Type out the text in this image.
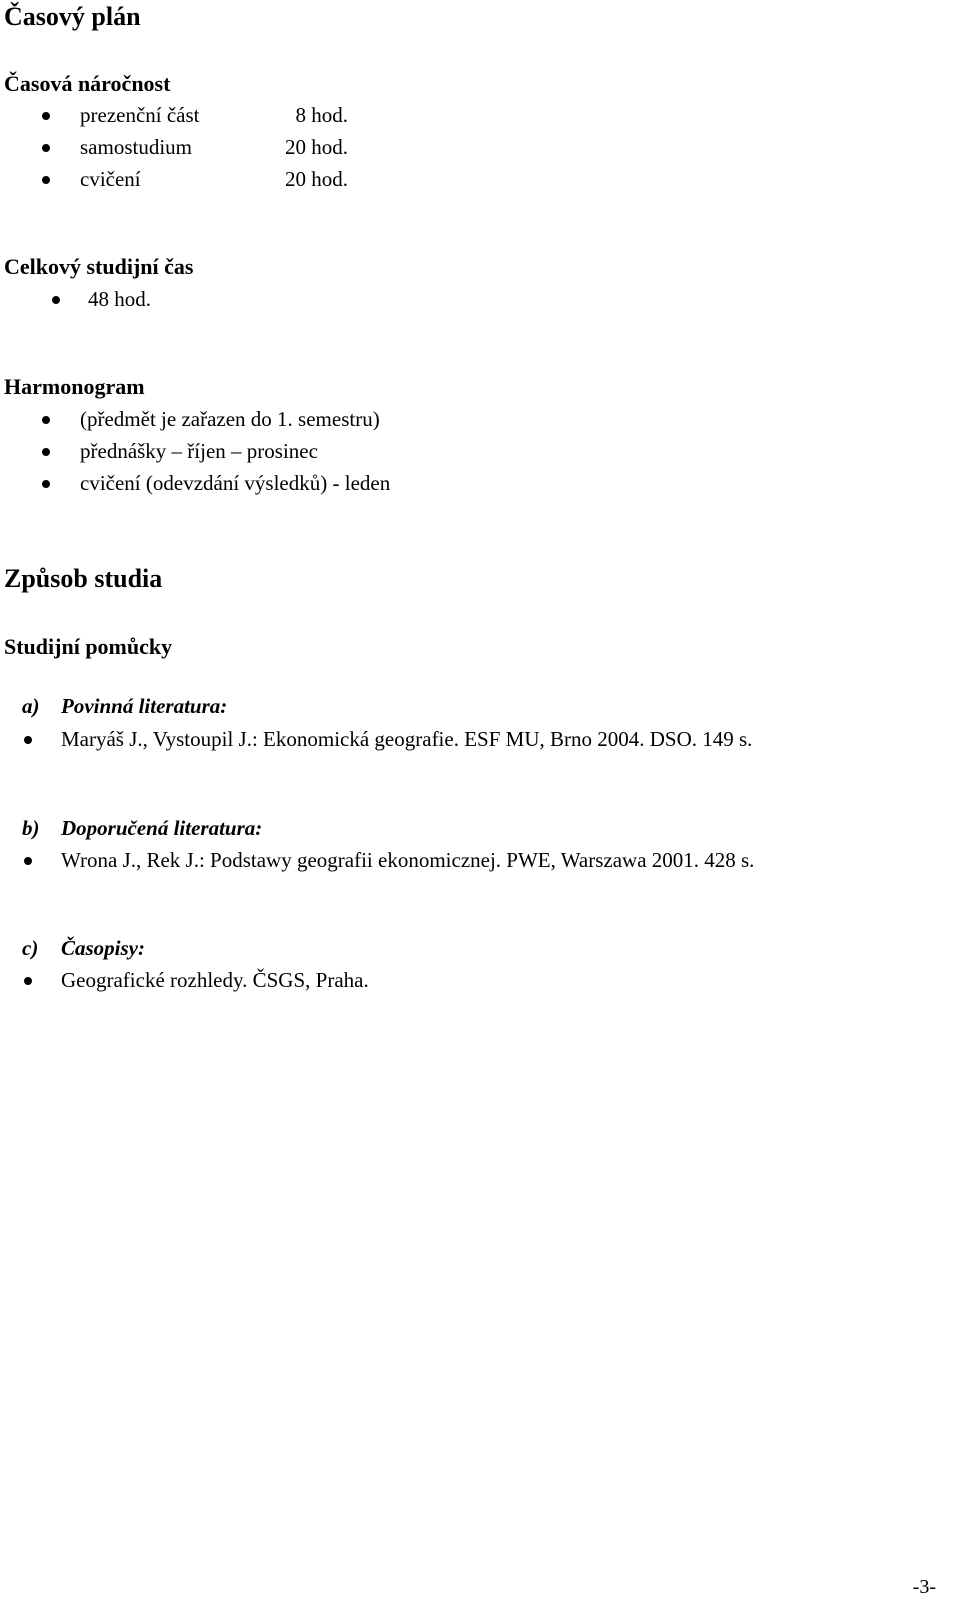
Časový plán
Časová náročnost
prezenční část	8 hod.
samostudium	20 hod.
cvičení	20 hod.
Celkový studijní čas
48 hod.
Harmonogram
(předmět je zařazen do 1. semestru)
přednášky – říjen – prosinec
cvičení (odevzdání výsledků) - leden
Způsob studia
Studijní pomůcky
a) Povinná literatura:
Maryáš J., Vystoupil J.: Ekonomická geografie. ESF MU, Brno 2004. DSO. 149 s.
b) Doporučená literatura:
Wrona J., Rek J.: Podstawy geografii ekonomicznej. PWE, Warszawa 2001. 428 s.
c) Časopisy:
Geografické rozhledy. ČSGS, Praha.
-3-
